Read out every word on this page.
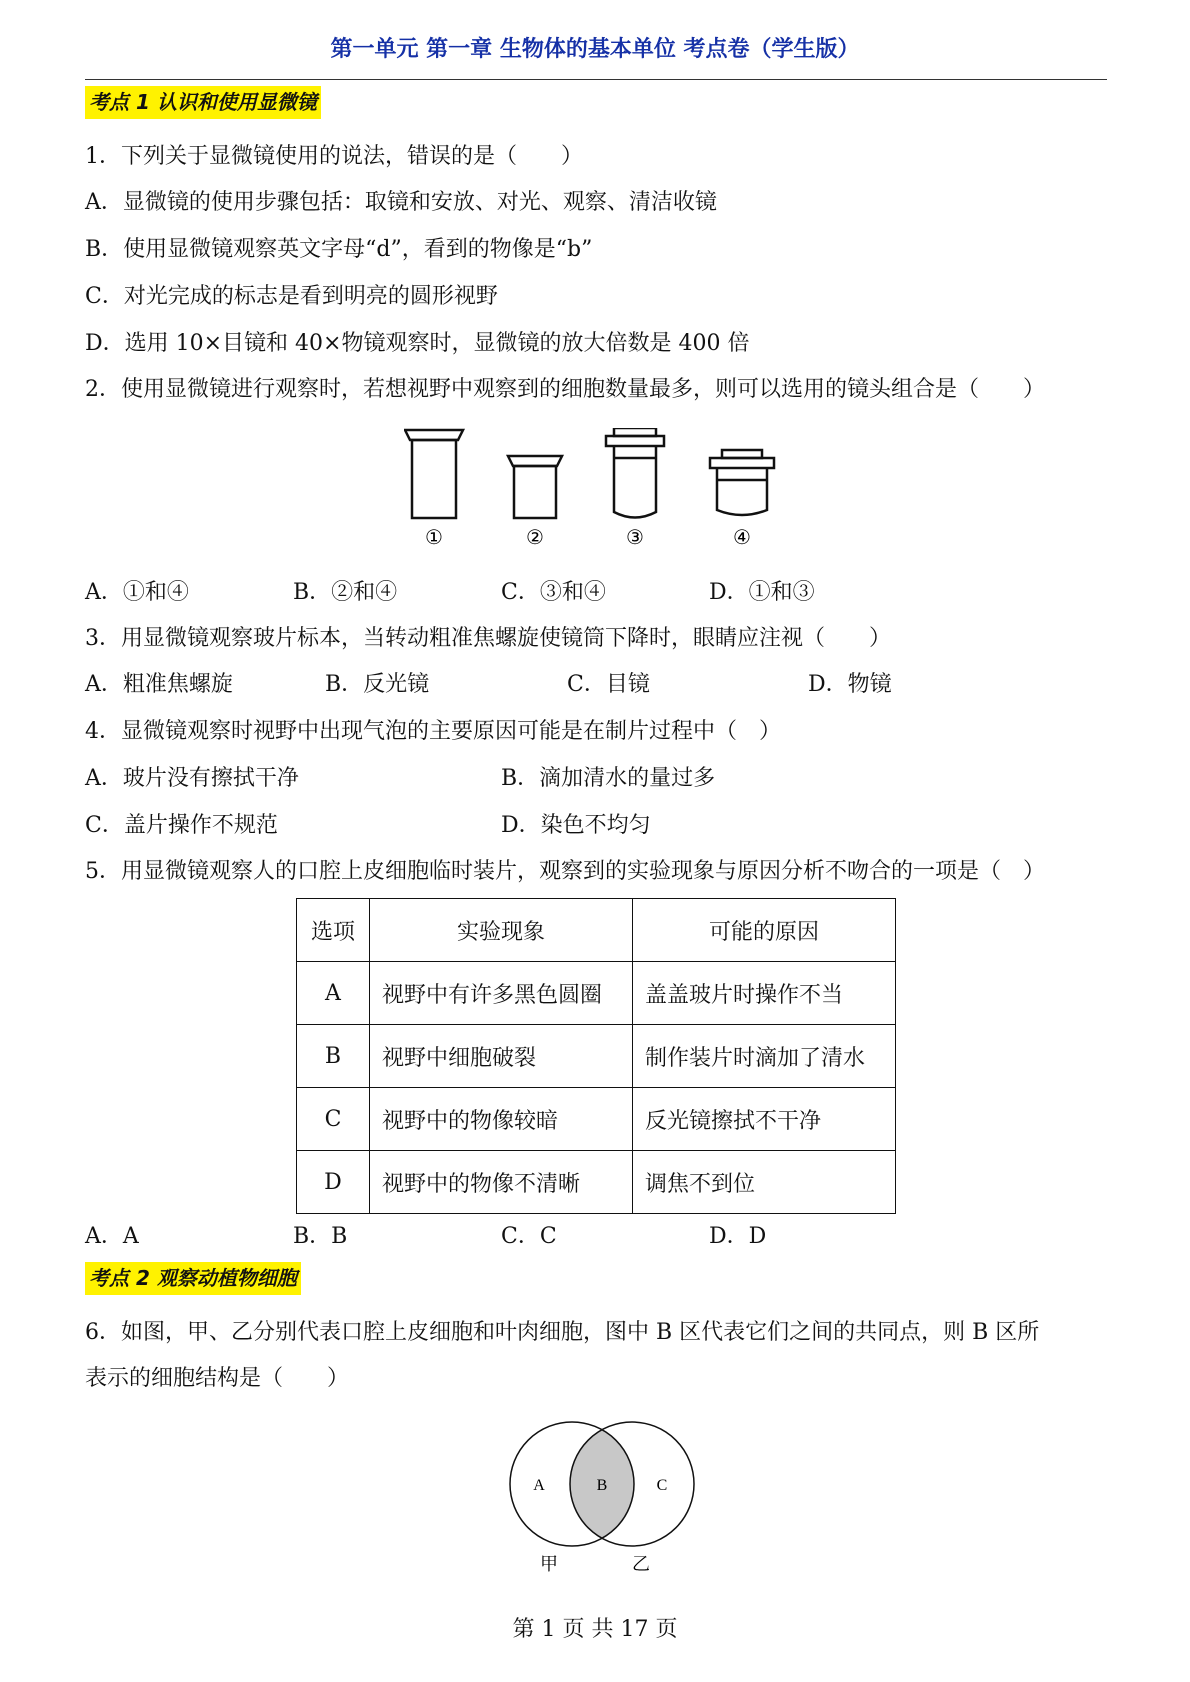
第一单元 第一章 生物体的基本单位 考点卷（学生版）
考点 1 认识和使用显微镜
1．下列关于显微镜使用的说法，错误的是（　　）
A．显微镜的使用步骤包括：取镜和安放、对光、观察、清洁收镜
B．使用显微镜观察英文字母“d”，看到的物像是“b”
C．对光完成的标志是看到明亮的圆形视野
D．选用 10×目镜和 40×物镜观察时，显微镜的放大倍数是 400 倍
2．使用显微镜进行观察时，若想视野中观察到的细胞数量最多，则可以选用的镜头组合是（　　）
①	②	③	④
A．①和④	B．②和④	C．③和④	D．①和③
3．用显微镜观察玻片标本，当转动粗准焦螺旋使镜筒下降时，眼睛应注视（　　）
A．粗准焦螺旋	B．反光镜	C．目镜	D．物镜
4．显微镜观察时视野中出现气泡的主要原因可能是在制片过程中（　）
A．玻片没有擦拭干净	B．滴加清水的量过多
C．盖片操作不规范	D．染色不均匀
5．用显微镜观察人的口腔上皮细胞临时装片，观察到的实验现象与原因分析不吻合的一项是（　）
选项	实验现象	可能的原因
A	视野中有许多黑色圆圈	盖盖玻片时操作不当
B	视野中细胞破裂	制作装片时滴加了清水
C	视野中的物像较暗	反光镜擦拭不干净
D	视野中的物像不清晰	调焦不到位
A．A	B．B	C．C	D．D
考点 2 观察动植物细胞
6．如图，甲、乙分别代表口腔上皮细胞和叶肉细胞，图中 B 区代表它们之间的共同点，则 B 区所
表示的细胞结构是（　　）
A	B	C
甲	乙
第 1 页 共 17 页
